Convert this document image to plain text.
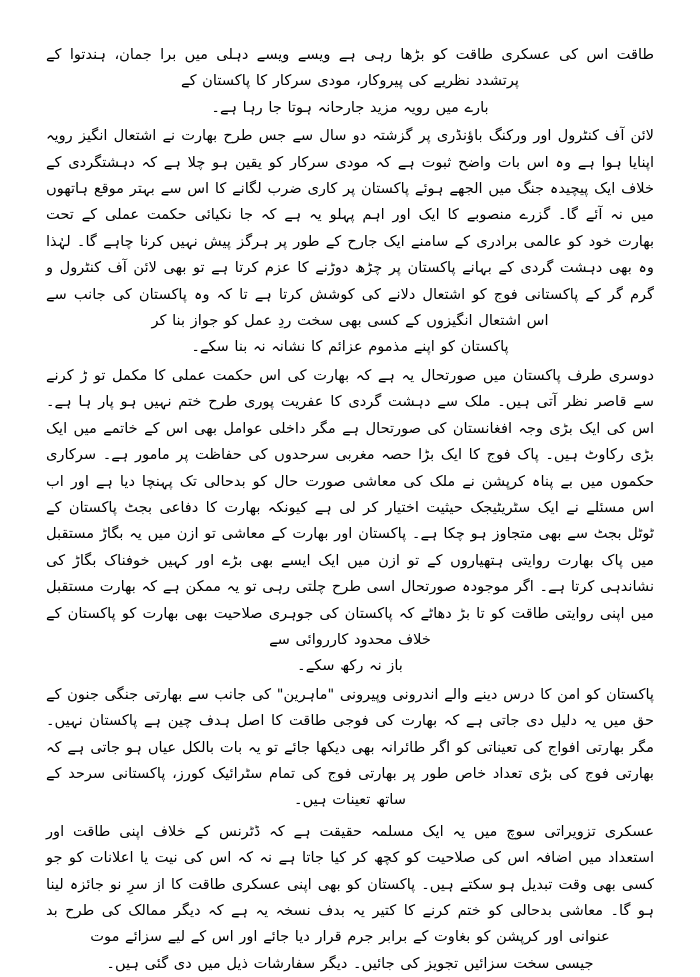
طاقت اس کی عسکری طاقت کو بڑھا رہی ہے ویسے ویسے دہلی میں برا جمان، ہندتوا کے پرتشدد نظریے کی پیروکار، مودی سرکار کا پاکستان کے
بارے میں رویہ مزید جارحانہ ہوتا جا رہا ہے۔

لائن آف کنٹرول اور ورکنگ باؤنڈری پر گزشتہ دو سال سے جس طرح بھارت نے اشتعال انگیز رویہ اپنایا ہوا ہے وہ اس بات واضح ثبوت ہے کہ مودی سرکار کو یقین ہو چلا ہے کہ دہشتگردی کے خلاف ایک پیچیدہ جنگ میں الجھے ہوئے پاکستان پر کاری ضرب لگانے کا اس سے بہتر موقع ہاتھوں میں نہ آئے گا۔ گزرے منصوبے کا ایک اور اہم پہلو یہ ہے کہ جا نکیائی حکمت عملی کے تحت بھارت خود کو عالمی برادری کے سامنے ایک جارح کے طور پر ہرگز پیش نہیں کرنا چاہے گا۔ لہٰذا وہ بھی دہشت گردی کے بہانے پاکستان پر چڑھ دوڑنے کا عزم کرتا ہے تو بھی لائن آف کنٹرول و گرم گر کے پاکستانی فوج کو اشتعال دلانے کی کوشش کرتا ہے تا کہ وہ پاکستان کی جانب سے اس اشتعال انگیزوں کے کسی بھی سخت ردِ عمل کو جواز بنا کر
پاکستان کو اپنے مذموم عزائم کا نشانہ نہ بنا سکے۔

دوسری طرف پاکستان میں صورتحال یہ ہے کہ بھارت کی اس حکمت عملی کا مکمل تو ڑ کرنے سے قاصر نظر آتی ہیں۔ ملک سے دہشت گردی کا عفریت پوری طرح ختم نہیں ہو پار ہا ہے۔ اس کی ایک بڑی وجہ افغانستان کی صورتحال ہے مگر داخلی عوامل بھی اس کے خاتمے میں ایک بڑی رکاوٹ ہیں۔ پاک فوج کا ایک بڑا حصہ مغربی سرحدوں کی حفاظت پر مامور ہے۔ سرکاری حکموں میں بے پناہ کرپشن نے ملک کی معاشی صورت حال کو بدحالی تک پہنچا دیا ہے اور اب اس مسئلے نے ایک سٹریٹیجک حیثیت اختیار کر لی ہے کیونکہ بھارت کا دفاعی بجٹ پاکستان کے ٹوٹل بجٹ سے بھی متجاوز ہو چکا ہے۔ پاکستان اور بھارت کے معاشی تو ازن میں یہ بگاڑ مستقبل میں پاک بھارت روایتی ہتھیاروں کے تو ازن میں ایک ایسے بھی بڑے اور کہیں خوفناک بگاڑ کی نشاندہی کرتا ہے۔ اگر موجودہ صورتحال اسی طرح چلتی رہی تو یہ ممکن ہے کہ بھارت مستقبل میں اپنی روایتی طاقت کو تا بڑ دھاٹے کہ پاکستان کی جوہری صلاحیت بھی بھارت کو پاکستان کے خلاف محدود کارروائی سے
باز نہ رکھ سکے۔

پاکستان کو امن کا درس دینے والے اندرونی وپیرونی "ماہرین" کی جانب سے بھارتی جنگی جنون کے حق میں یہ دلیل دی جاتی ہے کہ بھارت کی فوجی طاقت کا اصل ہدف چین ہے پاکستان نہیں۔ مگر بھارتی افواج کی تعیناتی کو اگر طائرانہ بھی دیکھا جائے تو یہ بات بالکل عیاں ہو جاتی ہے کہ بھارتی فوج کی بڑی تعداد خاص طور پر بھارتی فوج کی تمام سٹرائیک کورز، پاکستانی سرحد کے ساتھ تعینات ہیں۔

عسکری تزویراتی سوچ میں یہ ایک مسلمہ حقیقت ہے کہ ڈٹرنس کے خلاف اپنی طاقت اور استعداد میں اضافہ اس کی صلاحیت کو کچھ کر کیا جاتا ہے نہ کہ اس کی نیت یا اعلانات کو جو کسی بھی وقت تبدیل ہو سکتے ہیں۔ پاکستان کو بھی اپنی عسکری طاقت کا از سرِ نو جائزہ لینا ہو گا۔ معاشی بدحالی کو ختم کرنے کا کتیر یہ بدف نسخہ یہ ہے کہ دیگر ممالک کی طرح بد عنوانی اور کرپشن کو بغاوت کے برابر جرم قرار دیا جائے اور اس کے لیے سزائے موت
جیسی سخت سزائیں تجویز کی جائیں۔ دیگر سفارشات ذیل میں دی گئی ہیں۔
